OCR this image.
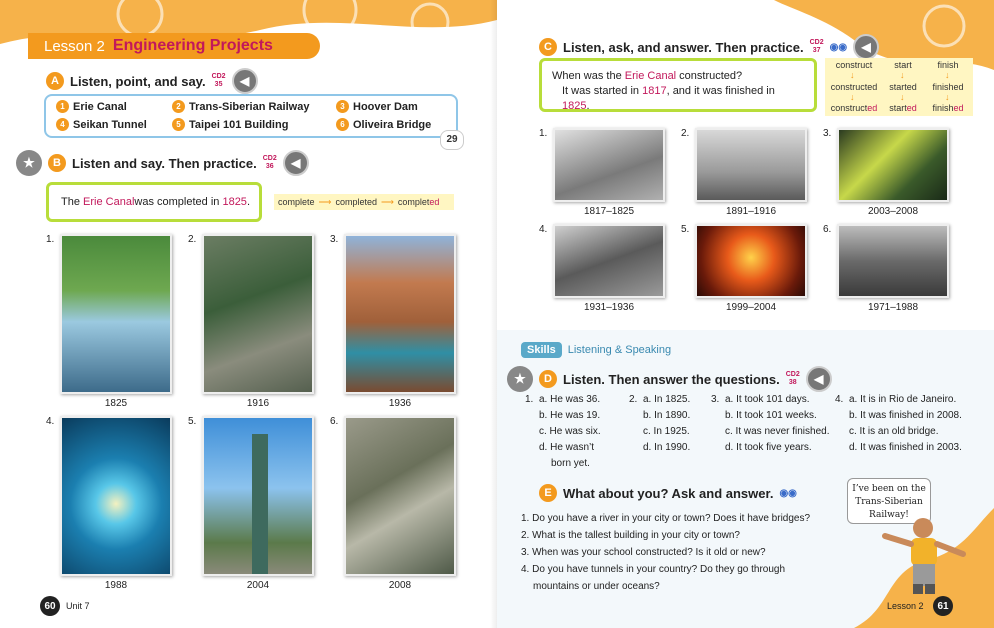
Lesson 2 Engineering Projects
A Listen, point, and say. CD2
35	◀
1 Erie Canal	2 Trans-Siberian Railway	3 Hoover Dam
4 Seikan Tunnel	5 Taipei 101 Building	6 Oliveira Bridge
29
★	B Listen and say. Then practice. CD2
36	◀
The
Erie Canal was completed in
1825 .	complete ⟶ completed ⟶ completed
1.
1825
2.
1916
3.
1936
4.
1988
5.
2004
6.
2008
60	Unit 7
C Listen, ask, and answer. Then practice. CD2
37 ◉◉	◀
When was the Erie Canal constructed?
It was started in 1817, and it was finished in 1825.
construct	start	finish
↓	↓	↓
constructed	started	finished
↓	↓	↓
constructed	started	finished
1.
1817–1825
2.
1891–1916
3.
2003–2008
4.
1931–1936
5.
1999–2004
6.
1971–1988
Skills	Listening & Speaking
★	D Listen. Then answer the questions. CD2
38	◀
1. a. He was 36.
b. He was 19.
c. He was six.
d. He wasn’t
born yet.
2. a. In 1825.
b. In 1890.
c. In 1925.
d. In 1990.
3. a. It took 101 days.
b. It took 101 weeks.
c. It was never finished.
d. It took five years.
4. a. It is in Rio de Janeiro.
b. It was finished in 2008.
c. It is an old bridge.
d. It was finished in 2003.
E What about you? Ask and answer. ◉◉
1. Do you have a river in your city or town? Does it have bridges?
2. What is the tallest building in your city or town?
3. When was your school constructed? Is it old or new?
4. Do you have tunnels in your country? Do they go through
mountains or under oceans?
I’ve been on the
Trans-Siberian
Railway!
Lesson 2	61
